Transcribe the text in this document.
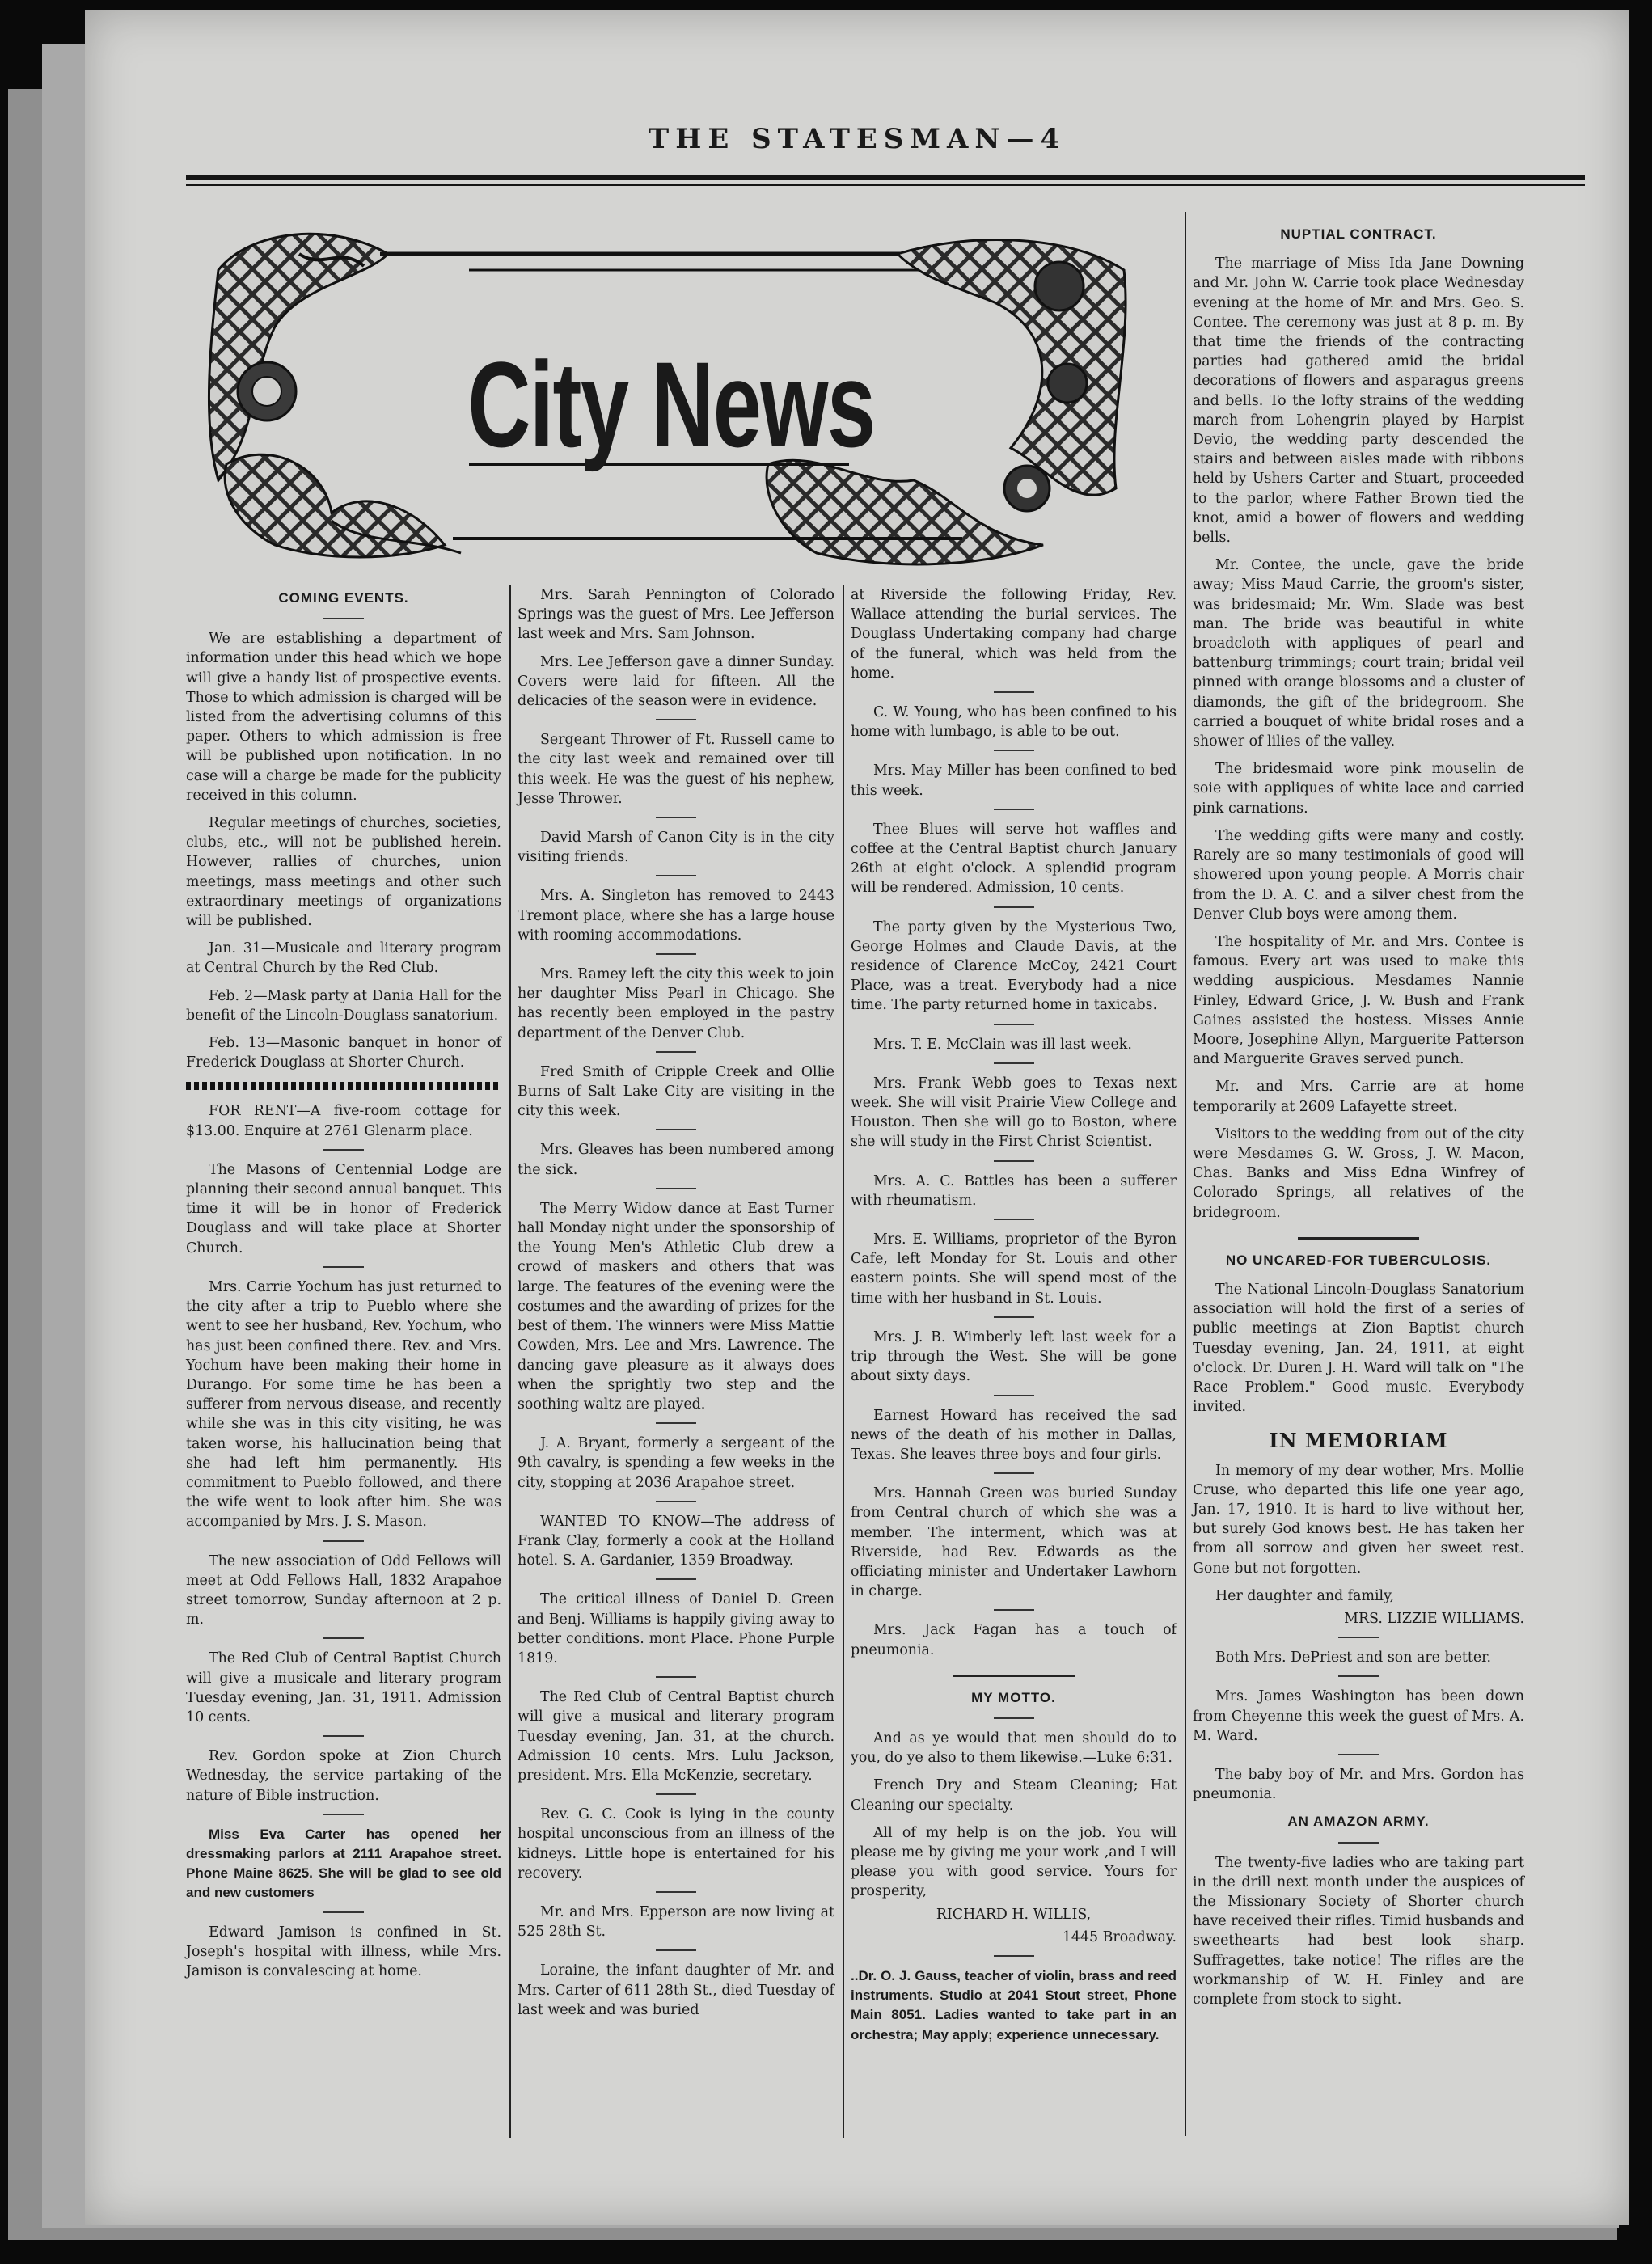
THE STATESMAN—4
City News
COMING EVENTS.

We are establishing a department of information under this head which we hope will give a handy list of prospective events. Those to which admission is charged will be listed from the advertising columns of this paper. Others to which admission is free will be published upon notification. In no case will a charge be made for the publicity received in this column.

Regular meetings of churches, societies, clubs, etc., will not be published herein. However, rallies of churches, union meetings, mass meetings and other such extraordinary meetings of organizations will be published.

Jan. 31—Musicale and literary program at Central Church by the Red Club.

Feb. 2—Mask party at Dania Hall for the benefit of the Lincoln-Douglass sanatorium.

Feb. 13—Masonic banquet in honor of Frederick Douglass at Shorter Church.

FOR RENT—A five-room cottage for $13.00. Enquire at 2761 Glenarm place.

The Masons of Centennial Lodge are planning their second annual banquet. This time it will be in honor of Frederick Douglass and will take place at Shorter Church.

Mrs. Carrie Yochum has just returned to the city after a trip to Pueblo where she went to see her husband, Rev. Yochum, who has just been confined there. Rev. and Mrs. Yochum have been making their home in Durango. For some time he has been a sufferer from nervous disease, and recently while she was in this city visiting, he was taken worse, his hallucination being that she had left him permanently. His commitment to Pueblo followed, and there the wife went to look after him. She was accompanied by Mrs. J. S. Mason.

The new association of Odd Fellows will meet at Odd Fellows Hall, 1832 Arapahoe street tomorrow, Sunday afternoon at 2 p. m.

The Red Club of Central Baptist Church will give a musicale and literary program Tuesday evening, Jan. 31, 1911. Admission 10 cents.

Rev. Gordon spoke at Zion Church Wednesday, the service partaking of the nature of Bible instruction.

Miss Eva Carter has opened her dressmaking parlors at 2111 Arapahoe street. Phone Maine 8625. She will be glad to see old and new customers

Edward Jamison is confined in St. Joseph's hospital with illness, while Mrs. Jamison is convalescing at home.

Mrs. Sarah Pennington of Colorado Springs was the guest of Mrs. Lee Jefferson last week and Mrs. Sam Johnson.

Mrs. Lee Jefferson gave a dinner Sunday. Covers were laid for fifteen. All the delicacies of the season were in evidence.

Sergeant Thrower of Ft. Russell came to the city last week and remained over till this week. He was the guest of his nephew, Jesse Thrower.

David Marsh of Canon City is in the city visiting friends.

Mrs. A. Singleton has removed to 2443 Tremont place, where she has a large house with rooming accommodations.

Mrs. Ramey left the city this week to join her daughter Miss Pearl in Chicago. She has recently been employed in the pastry department of the Denver Club.

Fred Smith of Cripple Creek and Ollie Burns of Salt Lake City are visiting in the city this week.

Mrs. Gleaves has been numbered among the sick.

The Merry Widow dance at East Turner hall Monday night under the sponsorship of the Young Men's Athletic Club drew a crowd of maskers and others that was large. The features of the evening were the costumes and the awarding of prizes for the best of them. The winners were Miss Mattie Cowden, Mrs. Lee and Mrs. Lawrence. The dancing gave pleasure as it always does when the sprightly two step and the soothing waltz are played.

J. A. Bryant, formerly a sergeant of the 9th cavalry, is spending a few weeks in the city, stopping at 2036 Arapahoe street.

WANTED TO KNOW—The address of Frank Clay, formerly a cook at the Holland hotel. S. A. Gardanier, 1359 Broadway.

The critical illness of Daniel D. Green and Benj. Williams is happily giving away to better conditions. mont Place. Phone Purple 1819.

The Red Club of Central Baptist church will give a musical and literary program Tuesday evening, Jan. 31, at the church. Admission 10 cents. Mrs. Lulu Jackson, president. Mrs. Ella McKenzie, secretary.

Rev. G. C. Cook is lying in the county hospital unconscious from an illness of the kidneys. Little hope is entertained for his recovery.

Mr. and Mrs. Epperson are now living at 525 28th St.

Loraine, the infant daughter of Mr. and Mrs. Carter of 611 28th St., died Tuesday of last week and was buried

at Riverside the following Friday, Rev. Wallace attending the burial services. The Douglass Undertaking company had charge of the funeral, which was held from the home.

C. W. Young, who has been confined to his home with lumbago, is able to be out.

Mrs. May Miller has been confined to bed this week.

Thee Blues will serve hot waffles and coffee at the Central Baptist church January 26th at eight o'clock. A splendid program will be rendered. Admission, 10 cents.

The party given by the Mysterious Two, George Holmes and Claude Davis, at the residence of Clarence McCoy, 2421 Court Place, was a treat. Everybody had a nice time. The party returned home in taxicabs.

Mrs. T. E. McClain was ill last week.

Mrs. Frank Webb goes to Texas next week. She will visit Prairie View College and Houston. Then she will go to Boston, where she will study in the First Christ Scientist.

Mrs. A. C. Battles has been a sufferer with rheumatism.

Mrs. E. Williams, proprietor of the Byron Cafe, left Monday for St. Louis and other eastern points. She will spend most of the time with her husband in St. Louis.

Mrs. J. B. Wimberly left last week for a trip through the West. She will be gone about sixty days.

Earnest Howard has received the sad news of the death of his mother in Dallas, Texas. She leaves three boys and four girls.

Mrs. Hannah Green was buried Sunday from Central church of which she was a member. The interment, which was at Riverside, had Rev. Edwards as the officiating minister and Undertaker Lawhorn in charge.

Mrs. Jack Fagan has a touch of pneumonia.

MY MOTTO.

And as ye would that men should do to you, do ye also to them likewise.—Luke 6:31.

French Dry and Steam Cleaning; Hat Cleaning our specialty.

All of my help is on the job. You will please me by giving me your work ,and I will please you with good service. Yours for prosperity,

RICHARD H. WILLIS,
1445 Broadway.

..Dr. O. J. Gauss, teacher of violin, brass and reed instruments. Studio at 2041 Stout street, Phone Main 8051. Ladies wanted to take part in an orchestra; May apply; experience unnecessary.

NUPTIAL CONTRACT.

The marriage of Miss Ida Jane Downing and Mr. John W. Carrie took place Wednesday evening at the home of Mr. and Mrs. Geo. S. Contee. The ceremony was just at 8 p. m. By that time the friends of the contracting parties had gathered amid the bridal decorations of flowers and asparagus greens and bells. To the lofty strains of the wedding march from Lohengrin played by Harpist Devio, the wedding party descended the stairs and between aisles made with ribbons held by Ushers Carter and Stuart, proceeded to the parlor, where Father Brown tied the knot, amid a bower of flowers and wedding bells.

Mr. Contee, the uncle, gave the bride away; Miss Maud Carrie, the groom's sister, was bridesmaid; Mr. Wm. Slade was best man. The bride was beautiful in white broadcloth with appliques of pearl and battenburg trimmings; court train; bridal veil pinned with orange blossoms and a cluster of diamonds, the gift of the bridegroom. She carried a bouquet of white bridal roses and a shower of lilies of the valley.

The bridesmaid wore pink mouselin de soie with appliques of white lace and carried pink carnations.

The wedding gifts were many and costly. Rarely are so many testimonials of good will showered upon young people. A Morris chair from the D. A. C. and a silver chest from the Denver Club boys were among them.

The hospitality of Mr. and Mrs. Contee is famous. Every art was used to make this wedding auspicious. Mesdames Nannie Finley, Edward Grice, J. W. Bush and Frank Gaines assisted the hostess. Misses Annie Moore, Josephine Allyn, Marguerite Patterson and Marguerite Graves served punch.

Mr. and Mrs. Carrie are at home temporarily at 2609 Lafayette street.

Visitors to the wedding from out of the city were Mesdames G. W. Gross, J. W. Macon, Chas. Banks and Miss Edna Winfrey of Colorado Springs, all relatives of the bridegroom.

NO UNCARED-FOR TUBERCULOSIS.

The National Lincoln-Douglass Sanatorium association will hold the first of a series of public meetings at Zion Baptist church Tuesday evening, Jan. 24, 1911, at eight o'clock. Dr. Duren J. H. Ward will talk on "The Race Problem." Good music. Everybody invited.

IN MEMORIAM

In memory of my dear wother, Mrs. Mollie Cruse, who departed this life one year ago, Jan. 17, 1910. It is hard to live without her, but surely God knows best. He has taken her from all sorrow and given her sweet rest. Gone but not forgotten.

Her daughter and family,

MRS. LIZZIE WILLIAMS.

Both Mrs. DePriest and son are better.

Mrs. James Washington has been down from Cheyenne this week the guest of Mrs. A. M. Ward.

The baby boy of Mr. and Mrs. Gordon has pneumonia.

AN AMAZON ARMY.

The twenty-five ladies who are taking part in the drill next month under the auspices of the Missionary Society of Shorter church have received their rifles. Timid husbands and sweethearts had best look sharp. Suffragettes, take notice! The rifles are the workmanship of W. H. Finley and are complete from stock to sight.
